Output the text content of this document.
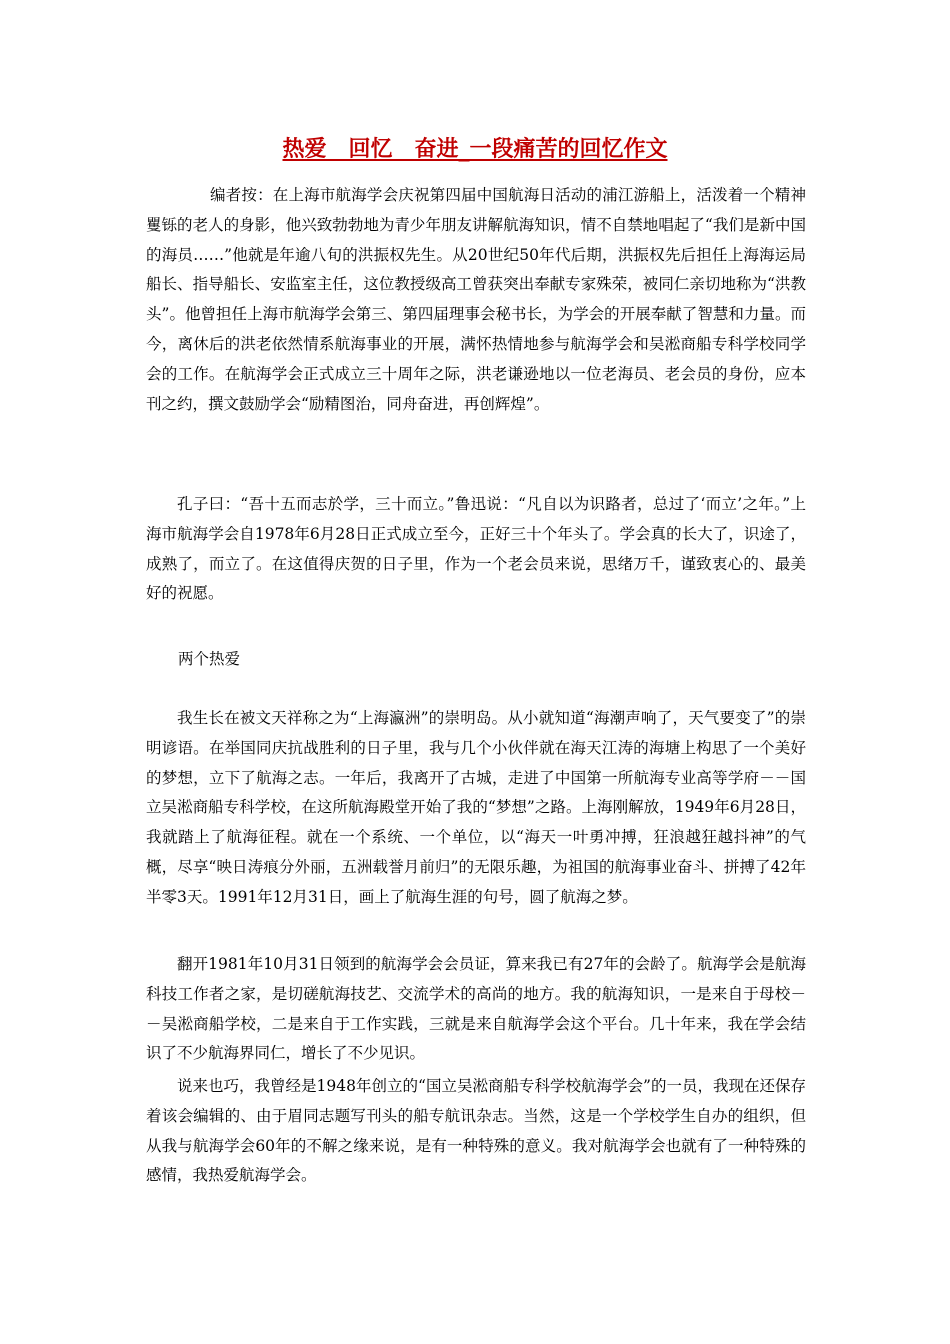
热爱　回忆　奋进_一段痛苦的回忆作文

编者按：在上海市航海学会庆祝第四届中国航海日活动的浦江游船上，活泼着一个精神矍铄的老人的身影，他兴致勃勃地为青少年朋友讲解航海知识，情不自禁地唱起了“我们是新中国的海员……”他就是年逾八旬的洪振权先生。从20世纪50年代后期，洪振权先后担任上海海运局船长、指导船长、安监室主任，这位教授级高工曾获突出奉献专家殊荣，被同仁亲切地称为“洪教头”。他曾担任上海市航海学会第三、第四届理事会秘书长，为学会的开展奉献了智慧和力量。而今，离休后的洪老依然情系航海事业的开展，满怀热情地参与航海学会和吴淞商船专科学校同学会的工作。在航海学会正式成立三十周年之际，洪老谦逊地以一位老海员、老会员的身份，应本刊之约，撰文鼓励学会“励精图治，同舟奋进，再创辉煌”。

孔子曰：“吾十五而志於学，三十而立。”鲁迅说：“凡自以为识路者，总过了‘而立’之年。”上海市航海学会自1978年6月28日正式成立至今，正好三十个年头了。学会真的长大了，识途了，成熟了，而立了。在这值得庆贺的日子里，作为一个老会员来说，思绪万千，谨致衷心的、最美好的祝愿。

两个热爱

我生长在被文天祥称之为“上海瀛洲”的崇明岛。从小就知道“海潮声响了，天气要变了”的崇明谚语。在举国同庆抗战胜利的日子里，我与几个小伙伴就在海天江涛的海塘上构思了一个美好的梦想，立下了航海之志。一年后，我离开了古城，走进了中国第一所航海专业高等学府－－国立吴淞商船专科学校，在这所航海殿堂开始了我的“梦想”之路。上海刚解放，1949年6月28日，我就踏上了航海征程。就在一个系统、一个单位，以“海天一叶勇冲搏，狂浪越狂越抖神”的气概，尽享“映日涛痕分外丽，五洲载誉月前归”的无限乐趣，为祖国的航海事业奋斗、拼搏了42年半零3天。1991年12月31日，画上了航海生涯的句号，圆了航海之梦。

翻开1981年10月31日领到的航海学会会员证，算来我已有27年的会龄了。航海学会是航海科技工作者之家，是切磋航海技艺、交流学术的高尚的地方。我的航海知识，一是来自于母校－－吴淞商船学校，二是来自于工作实践，三就是来自航海学会这个平台。几十年来，我在学会结识了不少航海界同仁，增长了不少见识。

说来也巧，我曾经是1948年创立的“国立吴淞商船专科学校航海学会”的一员，我现在还保存着该会编辑的、由于眉同志题写刊头的船专航讯杂志。当然，这是一个学校学生自办的组织，但从我与航海学会60年的不解之缘来说，是有一种特殊的意义。我对航海学会也就有了一种特殊的感情，我热爱航海学会。
